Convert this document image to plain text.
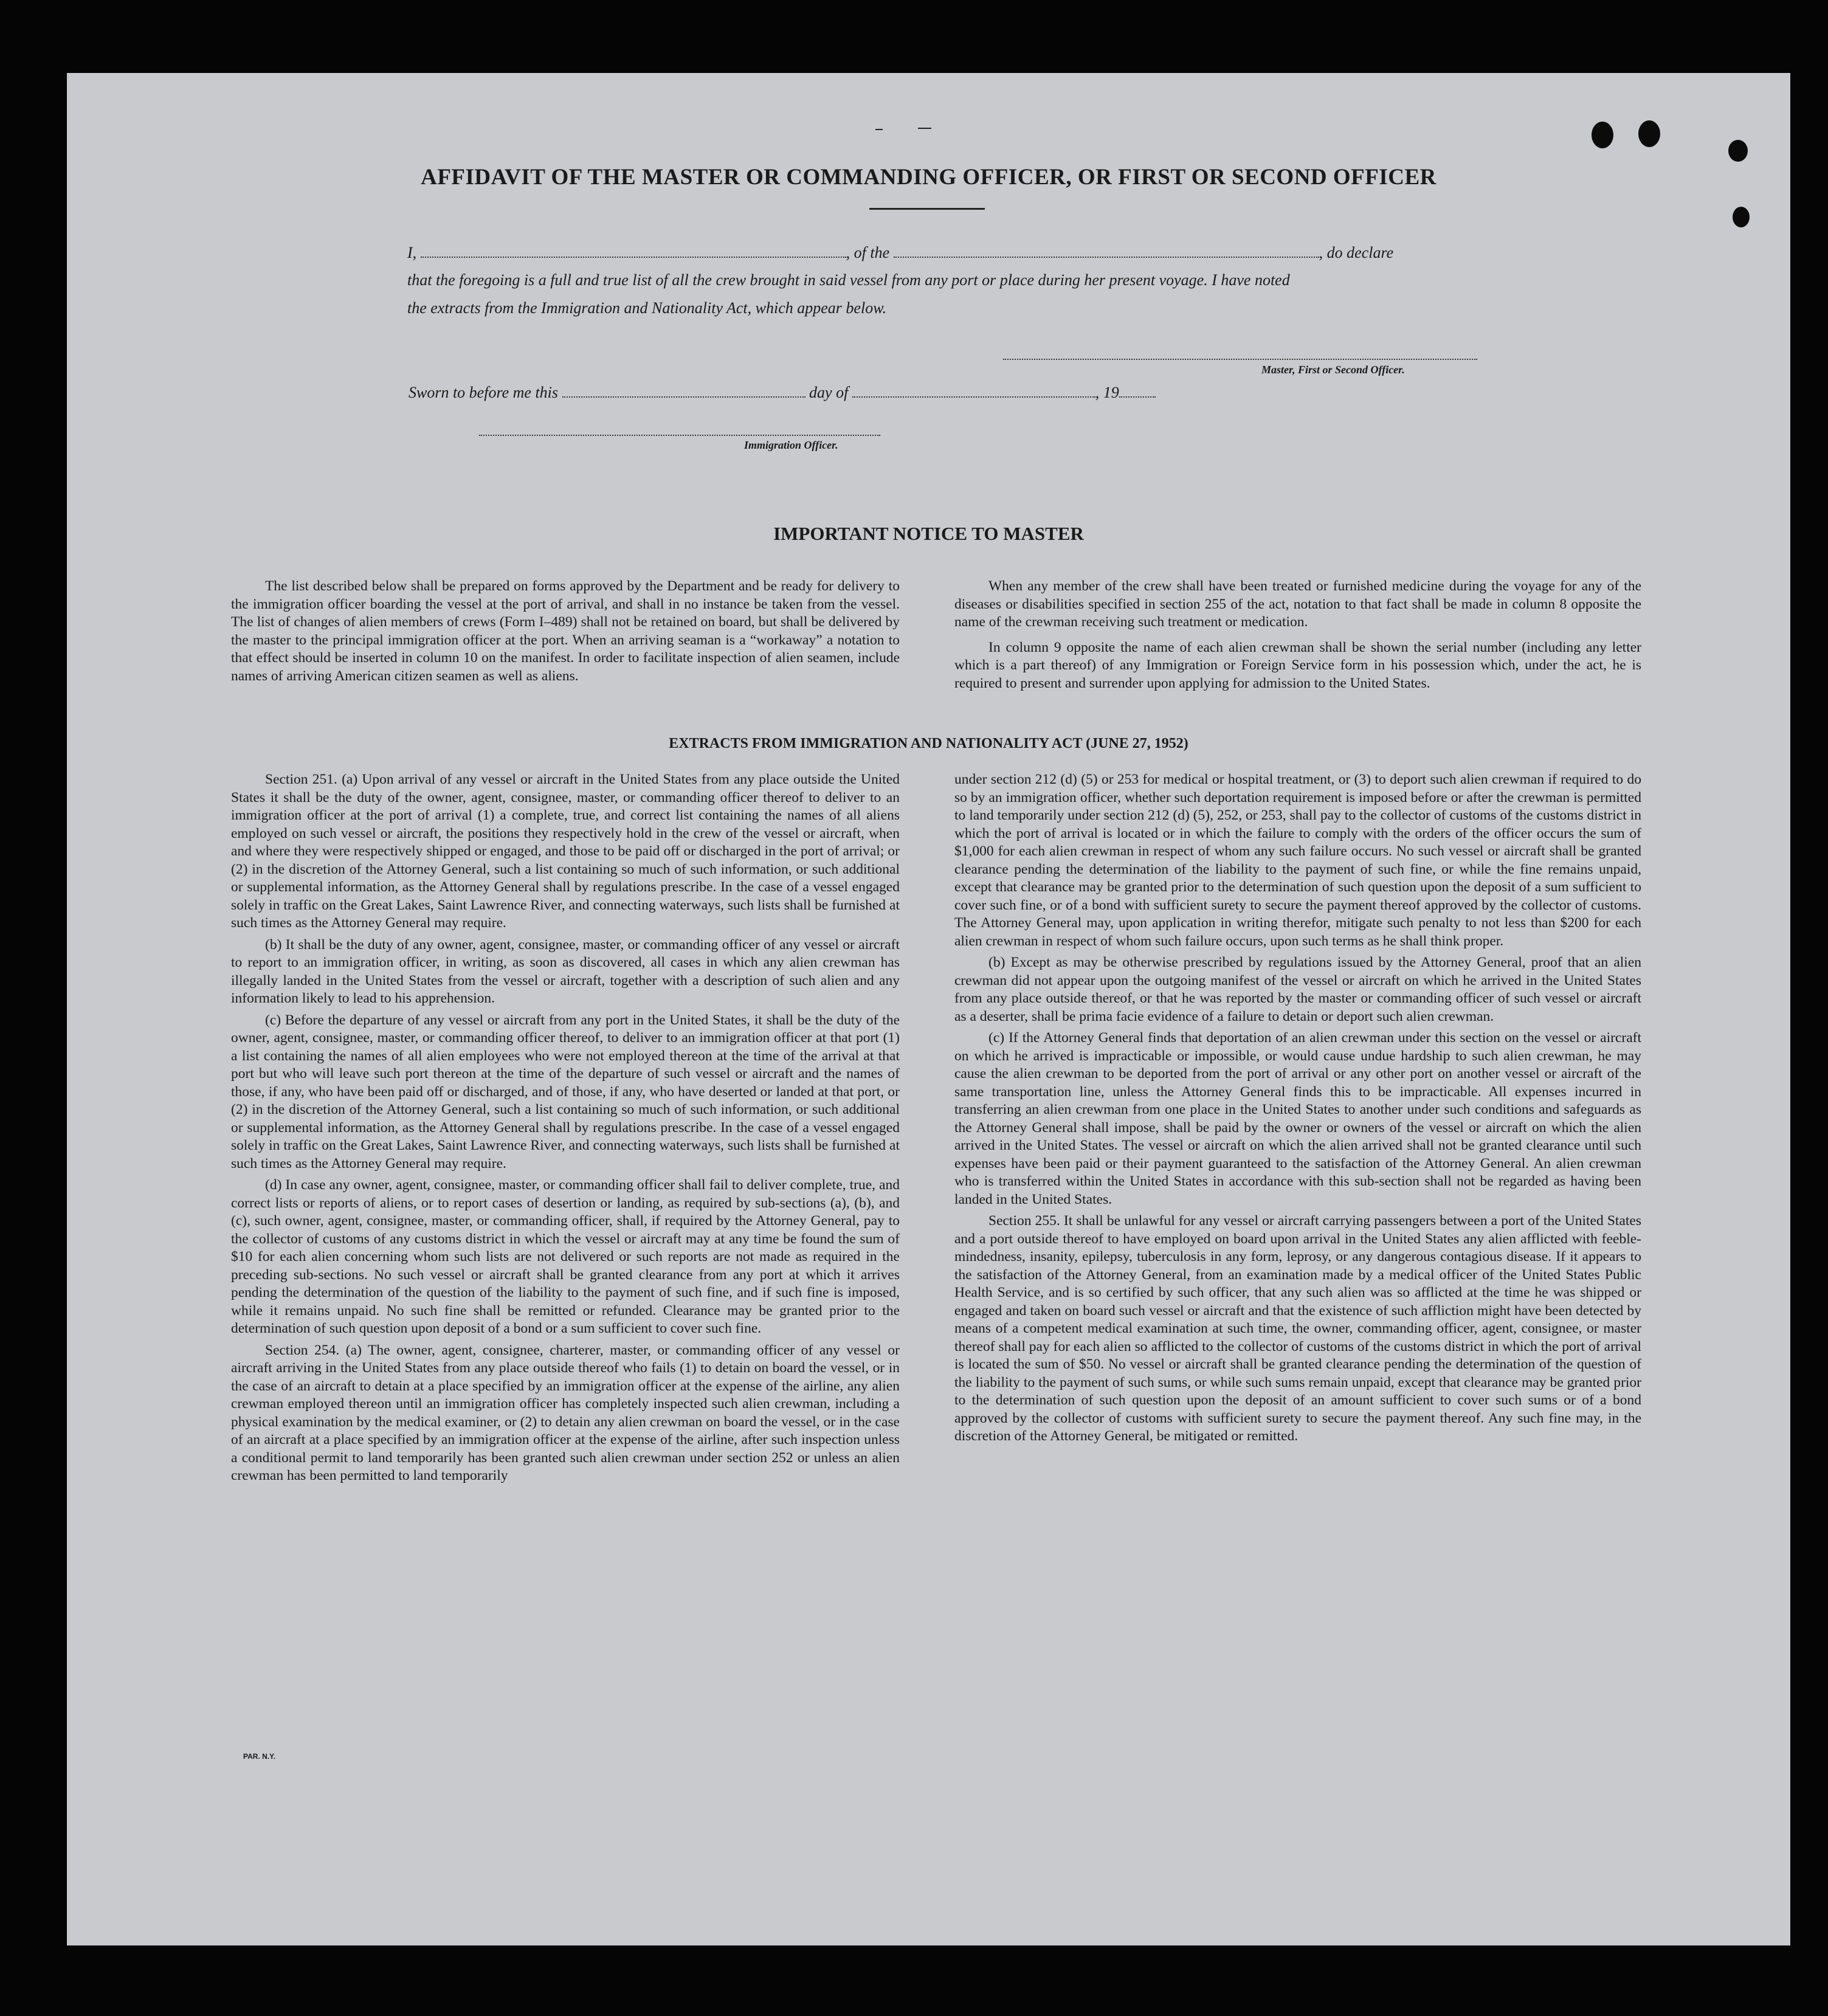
AFFIDAVIT OF THE MASTER OR COMMANDING OFFICER, OR FIRST OR SECOND OFFICER
I,	, of the	, do declare
that the foregoing is a full and true list of all the crew brought in said vessel from any port or place during her present voyage. I have noted
the extracts from the Immigration and Nationality Act, which appear below.
Master, First or Second Officer.
Sworn to before me this	day of	, 19
Immigration Officer.
IMPORTANT NOTICE TO MASTER

The list described below shall be prepared on forms approved by the Department and be ready for delivery to the immigration officer boarding the vessel at the port of arrival, and shall in no instance be taken from the vessel. The list of changes of alien members of crews (Form I–489) shall not be retained on board, but shall be delivered by the master to the principal immigration officer at the port. When an arriving seaman is a “workaway” a notation to that effect should be inserted in column 10 on the manifest. In order to facilitate inspection of alien seamen, include names of arriving American citizen seamen as well as aliens.

When any member of the crew shall have been treated or furnished medicine during the voyage for any of the diseases or disabilities specified in section 255 of the act, notation to that fact shall be made in column 8 opposite the name of the crewman receiving such treatment or medication.

In column 9 opposite the name of each alien crewman shall be shown the serial number (including any letter which is a part thereof) of any Immigration or Foreign Service form in his possession which, under the act, he is required to present and surrender upon applying for admission to the United States.

EXTRACTS FROM IMMIGRATION AND NATIONALITY ACT (JUNE 27, 1952)

Section 251. (a) Upon arrival of any vessel or aircraft in the United States from any place outside the United States it shall be the duty of the owner, agent, consignee, master, or commanding officer thereof to deliver to an immigration officer at the port of arrival (1) a complete, true, and correct list containing the names of all aliens employed on such vessel or aircraft, the positions they respectively hold in the crew of the vessel or aircraft, when and where they were respectively shipped or engaged, and those to be paid off or discharged in the port of arrival; or (2) in the discretion of the Attorney General, such a list containing so much of such information, or such additional or supplemental information, as the Attorney General shall by regulations prescribe. In the case of a vessel engaged solely in traffic on the Great Lakes, Saint Lawrence River, and connecting waterways, such lists shall be furnished at such times as the Attorney General may require.

(b) It shall be the duty of any owner, agent, consignee, master, or commanding officer of any vessel or aircraft to report to an immigration officer, in writing, as soon as discovered, all cases in which any alien crewman has illegally landed in the United States from the vessel or aircraft, together with a description of such alien and any information likely to lead to his apprehension.

(c) Before the departure of any vessel or aircraft from any port in the United States, it shall be the duty of the owner, agent, consignee, master, or commanding officer thereof, to deliver to an immigration officer at that port (1) a list containing the names of all alien employees who were not employed thereon at the time of the arrival at that port but who will leave such port thereon at the time of the departure of such vessel or aircraft and the names of those, if any, who have been paid off or discharged, and of those, if any, who have deserted or landed at that port, or (2) in the discretion of the Attorney General, such a list containing so much of such information, or such additional or supplemental information, as the Attorney General shall by regulations prescribe. In the case of a vessel engaged solely in traffic on the Great Lakes, Saint Lawrence River, and connecting waterways, such lists shall be furnished at such times as the Attorney General may require.

(d) In case any owner, agent, consignee, master, or commanding officer shall fail to deliver complete, true, and correct lists or reports of aliens, or to report cases of desertion or landing, as required by sub-sections (a), (b), and (c), such owner, agent, consignee, master, or commanding officer, shall, if required by the Attorney General, pay to the collector of customs of any customs district in which the vessel or aircraft may at any time be found the sum of $10 for each alien concerning whom such lists are not delivered or such reports are not made as required in the preceding sub-sections. No such vessel or aircraft shall be granted clearance from any port at which it arrives pending the determination of the question of the liability to the payment of such fine, and if such fine is imposed, while it remains unpaid. No such fine shall be remitted or refunded. Clearance may be granted prior to the determination of such question upon deposit of a bond or a sum sufficient to cover such fine.

Section 254. (a) The owner, agent, consignee, charterer, master, or commanding officer of any vessel or aircraft arriving in the United States from any place outside thereof who fails (1) to detain on board the vessel, or in the case of an aircraft to detain at a place specified by an immigration officer at the expense of the airline, any alien crewman employed thereon until an immigration officer has completely inspected such alien crewman, including a physical examination by the medical examiner, or (2) to detain any alien crewman on board the vessel, or in the case of an aircraft at a place specified by an immigration officer at the expense of the airline, after such inspection unless a conditional permit to land temporarily has been granted such alien crewman under section 252 or unless an alien crewman has been permitted to land temporarily

under section 212 (d) (5) or 253 for medical or hospital treatment, or (3) to deport such alien crewman if required to do so by an immigration officer, whether such deportation requirement is imposed before or after the crewman is permitted to land temporarily under section 212 (d) (5), 252, or 253, shall pay to the collector of customs of the customs district in which the port of arrival is located or in which the failure to comply with the orders of the officer occurs the sum of $1,000 for each alien crewman in respect of whom any such failure occurs. No such vessel or aircraft shall be granted clearance pending the determination of the liability to the payment of such fine, or while the fine remains unpaid, except that clearance may be granted prior to the determination of such question upon the deposit of a sum sufficient to cover such fine, or of a bond with sufficient surety to secure the payment thereof approved by the collector of customs. The Attorney General may, upon application in writing therefor, mitigate such penalty to not less than $200 for each alien crewman in respect of whom such failure occurs, upon such terms as he shall think proper.

(b) Except as may be otherwise prescribed by regulations issued by the Attorney General, proof that an alien crewman did not appear upon the outgoing manifest of the vessel or aircraft on which he arrived in the United States from any place outside thereof, or that he was reported by the master or commanding officer of such vessel or aircraft as a deserter, shall be prima facie evidence of a failure to detain or deport such alien crewman.

(c) If the Attorney General finds that deportation of an alien crewman under this section on the vessel or aircraft on which he arrived is impracticable or impossible, or would cause undue hardship to such alien crewman, he may cause the alien crewman to be deported from the port of arrival or any other port on another vessel or aircraft of the same transportation line, unless the Attorney General finds this to be impracticable. All expenses incurred in transferring an alien crewman from one place in the United States to another under such conditions and safeguards as the Attorney General shall impose, shall be paid by the owner or owners of the vessel or aircraft on which the alien arrived in the United States. The vessel or aircraft on which the alien arrived shall not be granted clearance until such expenses have been paid or their payment guaranteed to the satisfaction of the Attorney General. An alien crewman who is transferred within the United States in accordance with this sub-section shall not be regarded as having been landed in the United States.

Section 255. It shall be unlawful for any vessel or aircraft carrying passengers between a port of the United States and a port outside thereof to have employed on board upon arrival in the United States any alien afflicted with feeble-mindedness, insanity, epilepsy, tuberculosis in any form, leprosy, or any dangerous contagious disease. If it appears to the satisfaction of the Attorney General, from an examination made by a medical officer of the United States Public Health Service, and is so certified by such officer, that any such alien was so afflicted at the time he was shipped or engaged and taken on board such vessel or aircraft and that the existence of such affliction might have been detected by means of a competent medical examination at such time, the owner, commanding officer, agent, consignee, or master thereof shall pay for each alien so afflicted to the collector of customs of the customs district in which the port of arrival is located the sum of $50. No vessel or aircraft shall be granted clearance pending the determination of the question of the liability to the payment of such sums, or while such sums remain unpaid, except that clearance may be granted prior to the determination of such question upon the deposit of an amount sufficient to cover such sums or of a bond approved by the collector of customs with sufficient surety to secure the payment thereof. Any such fine may, in the discretion of the Attorney General, be mitigated or remitted.

PAR. N.Y.
